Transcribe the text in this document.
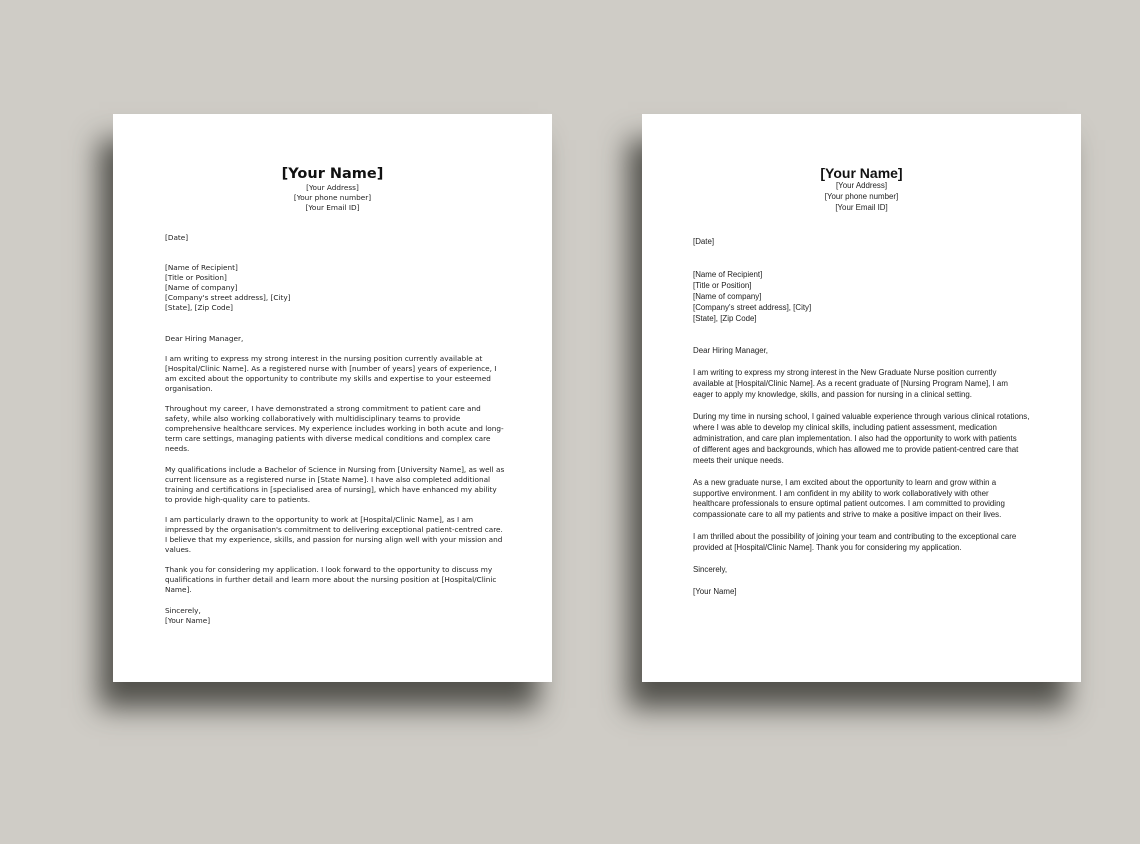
[Your Name]
[Your Address]
[Your phone number]
[Your Email ID]
[Date]
[Name of Recipient]
[Title or Position]
[Name of company]
[Company's street address], [City]
[State], [Zip Code]
Dear Hiring Manager,
I am writing to express my strong interest in the nursing position currently available at
[Hospital/Clinic Name]. As a registered nurse with [number of years] years of experience, I
am excited about the opportunity to contribute my skills and expertise to your esteemed
organisation.
Throughout my career, I have demonstrated a strong commitment to patient care and
safety, while also working collaboratively with multidisciplinary teams to provide
comprehensive healthcare services. My experience includes working in both acute and long-
term care settings, managing patients with diverse medical conditions and complex care
needs.
My qualifications include a Bachelor of Science in Nursing from [University Name], as well as
current licensure as a registered nurse in [State Name]. I have also completed additional
training and certifications in [specialised area of nursing], which have enhanced my ability
to provide high-quality care to patients.
I am particularly drawn to the opportunity to work at [Hospital/Clinic Name], as I am
impressed by the organisation's commitment to delivering exceptional patient-centred care.
I believe that my experience, skills, and passion for nursing align well with your mission and
values.
Thank you for considering my application. I look forward to the opportunity to discuss my
qualifications in further detail and learn more about the nursing position at [Hospital/Clinic
Name].
Sincerely,
[Your Name]
[Your Name]
[Your Address]
[Your phone number]
[Your Email ID]
[Date]
[Name of Recipient]
[Title or Position]
[Name of company]
[Company's street address], [City]
[State], [Zip Code]
Dear Hiring Manager,
I am writing to express my strong interest in the New Graduate Nurse position currently
available at [Hospital/Clinic Name]. As a recent graduate of [Nursing Program Name], I am
eager to apply my knowledge, skills, and passion for nursing in a clinical setting.
During my time in nursing school, I gained valuable experience through various clinical rotations,
where I was able to develop my clinical skills, including patient assessment, medication
administration, and care plan implementation. I also had the opportunity to work with patients
of different ages and backgrounds, which has allowed me to provide patient-centred care that
meets their unique needs.
As a new graduate nurse, I am excited about the opportunity to learn and grow within a
supportive environment. I am confident in my ability to work collaboratively with other
healthcare professionals to ensure optimal patient outcomes. I am committed to providing
compassionate care to all my patients and strive to make a positive impact on their lives.
I am thrilled about the possibility of joining your team and contributing to the exceptional care
provided at [Hospital/Clinic Name]. Thank you for considering my application.
Sincerely,
[Your Name]
